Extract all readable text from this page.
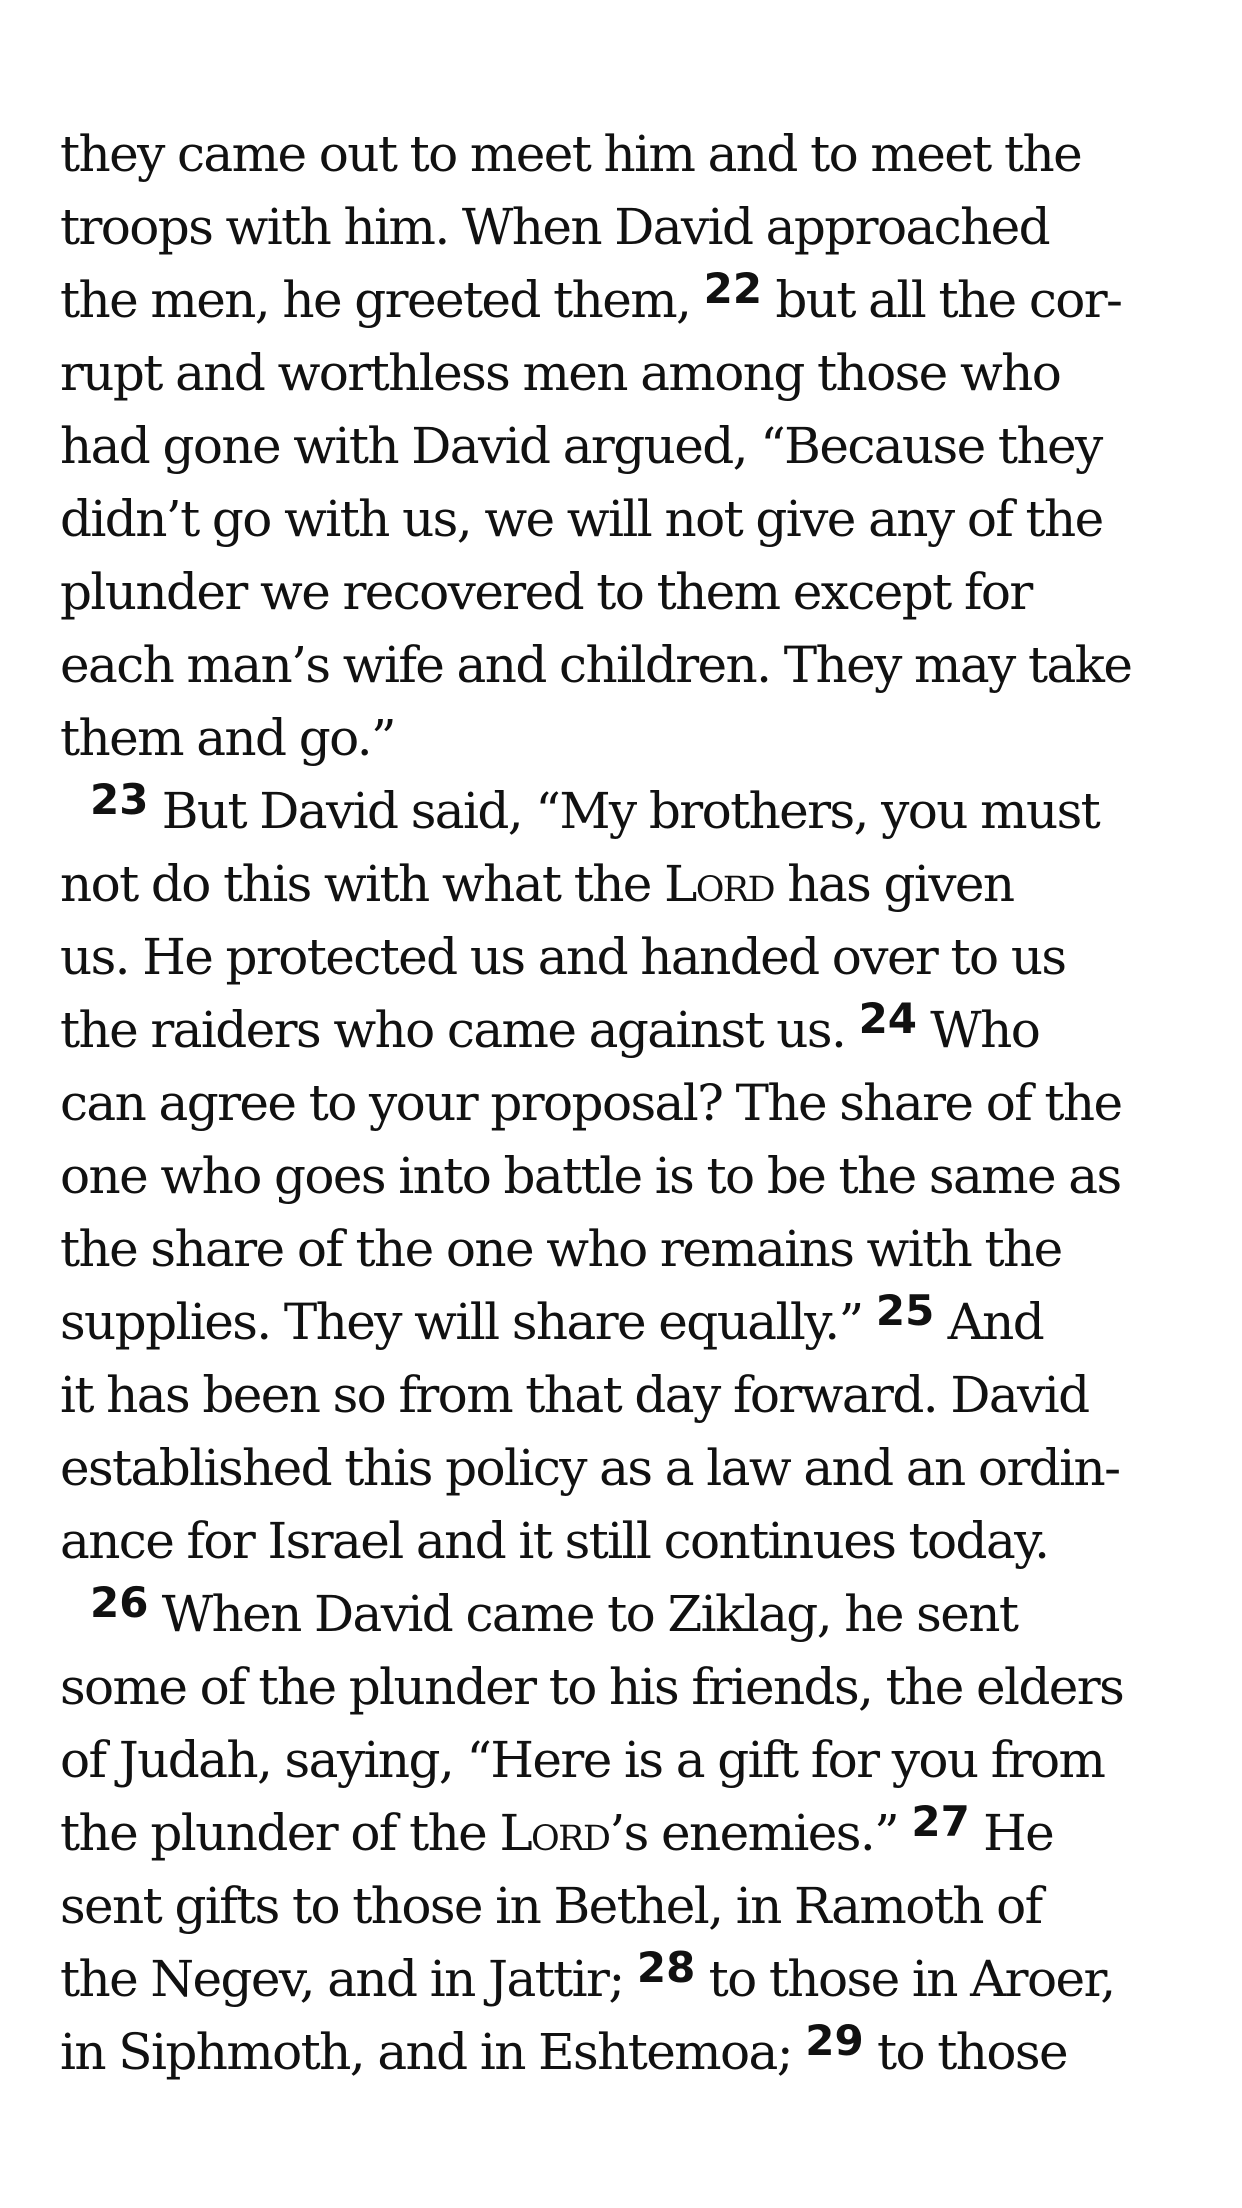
they came out to meet him and to meet the
troops with him. When David approached
the men, he greeted them, 22 but all the cor-
rupt and worthless men among those who
had gone with David argued, “Because they
didn’t go with us, we will not give any of the
plunder we recovered to them except for
each man’s wife and children. They may take
them and go.”
23 But David said, “My brothers, you must
not do this with what the Lord has given
us. He protected us and handed over to us
the raiders who came against us. 24 Who
can agree to your proposal? The share of the
one who goes into battle is to be the same as
the share of the one who remains with the
supplies. They will share equally.” 25 And
it has been so from that day forward. David
established this policy as a law and an ordin-
ance for Israel and it still continues today.
26 When David came to Ziklag, he sent
some of the plunder to his friends, the elders
of Judah, saying, “Here is a gift for you from
the plunder of the Lord’s enemies.” 27 He
sent gifts to those in Bethel, in Ramoth of
the Negev, and in Jattir; 28 to those in Aroer,
in Siphmoth, and in Eshtemoa; 29 to those
